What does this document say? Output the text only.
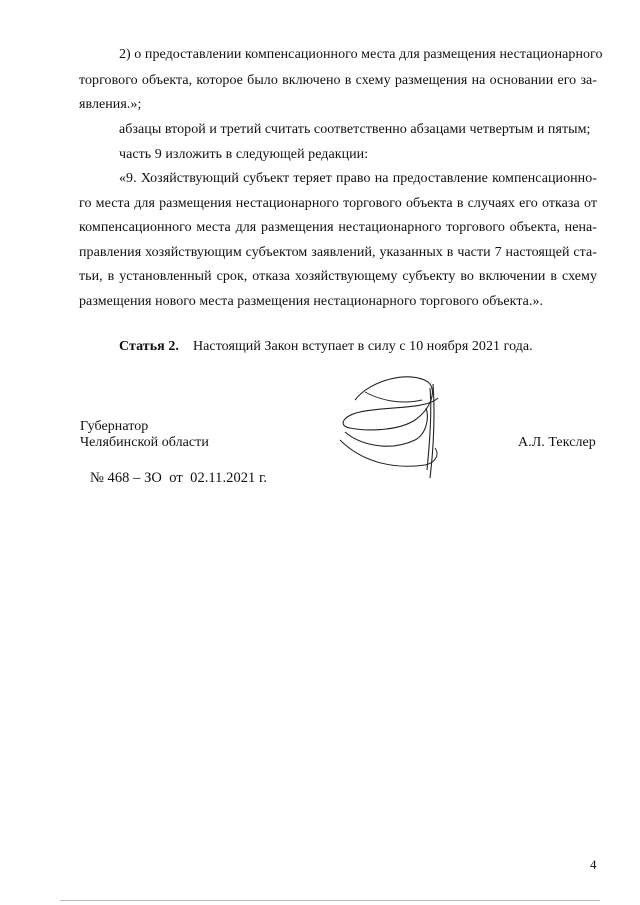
2) о предоставлении компенсационного места для размещения нестационарного
торгового объекта, которое было включено в схему размещения на основании его за-
явления.»;
абзацы второй и третий считать соответственно абзацами четвертым и пятым;
часть 9 изложить в следующей редакции:
«9. Хозяйствующий субъект теряет право на предоставление компенсационно-
го места для размещения нестационарного торгового объекта в случаях его отказа от
компенсационного места для размещения нестационарного торгового объекта, нена-
правления хозяйствующим субъектом заявлений, указанных в части 7 настоящей ста-
тьи, в установленный срок, отказа хозяйствующему субъекту во включении в схему
размещения нового места размещения нестационарного торгового объекта.».
Статья 2. Настоящий Закон вступает в силу с 10 ноября 2021 года.
Губернатор
Челябинской области	А.Л. Текслер
№ 468 – ЗО  от  02.11.2021 г.
4
